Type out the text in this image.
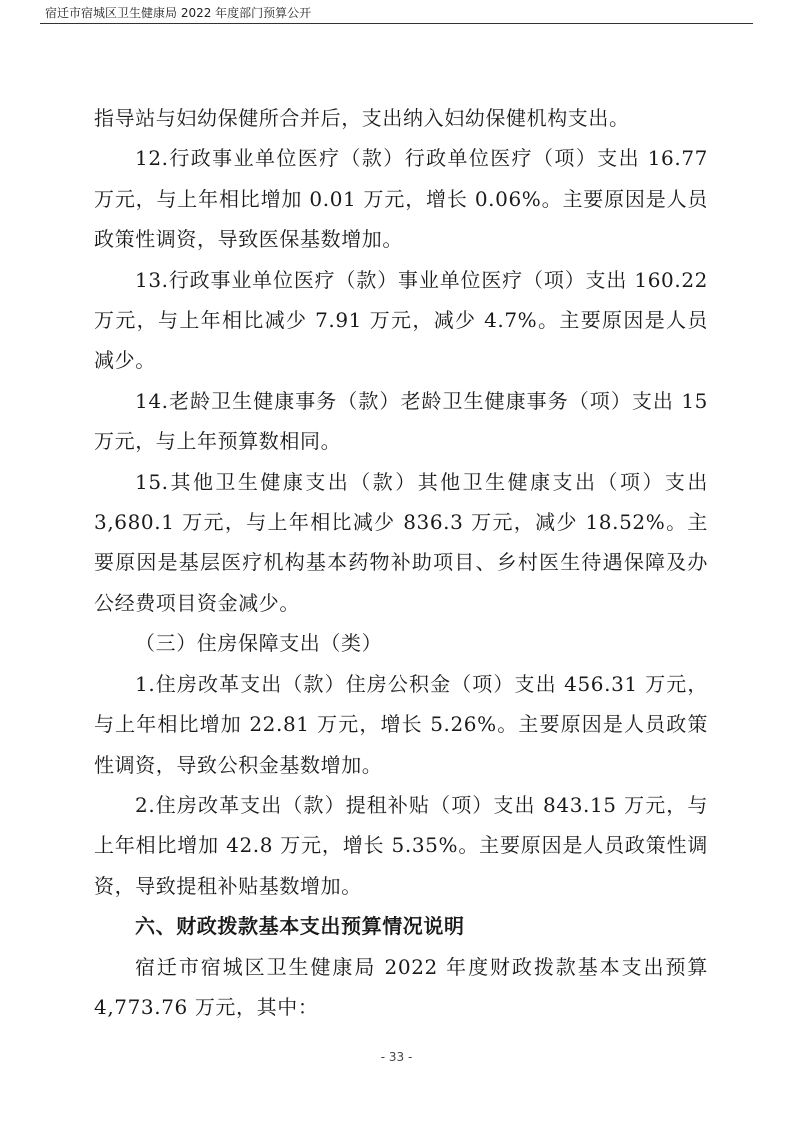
宿迁市宿城区卫生健康局 2022 年度部门预算公开

指导站与妇幼保健所合并后，支出纳入妇幼保健机构支出。

12.行政事业单位医疗（款）行政单位医疗（项）支出 16.77 万元，与上年相比增加 0.01 万元，增长 0.06%。主要原因是人员政策性调资，导致医保基数增加。

13.行政事业单位医疗（款）事业单位医疗（项）支出 160.22 万元，与上年相比减少 7.91 万元，减少 4.7%。主要原因是人员减少。

14.老龄卫生健康事务（款）老龄卫生健康事务（项）支出 15 万元，与上年预算数相同。

15.其他卫生健康支出（款）其他卫生健康支出（项）支出 3,680.1 万元，与上年相比减少 836.3 万元，减少 18.52%。主要原因是基层医疗机构基本药物补助项目、乡村医生待遇保障及办公经费项目资金减少。

（三）住房保障支出（类）

1.住房改革支出（款）住房公积金（项）支出 456.31 万元，与上年相比增加 22.81 万元，增长 5.26%。主要原因是人员政策性调资，导致公积金基数增加。

2.住房改革支出（款）提租补贴（项）支出 843.15 万元，与上年相比增加 42.8 万元，增长 5.35%。主要原因是人员政策性调资，导致提租补贴基数增加。

六、财政拨款基本支出预算情况说明

宿迁市宿城区卫生健康局 2022 年度财政拨款基本支出预算 4,773.76 万元，其中：

- 33 -
